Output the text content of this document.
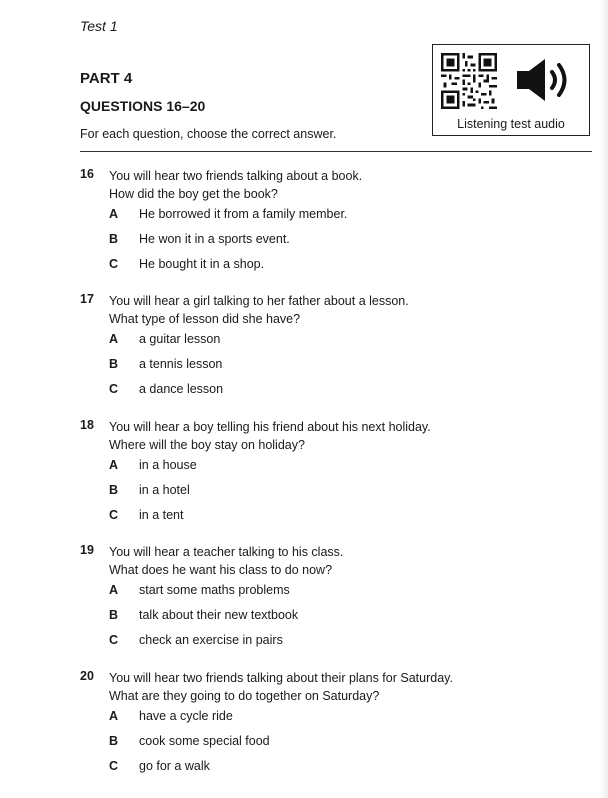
Test 1
PART 4
QUESTIONS 16–20
For each question, choose the correct answer.
Listening test audio
16 You will hear two friends talking about a book.
How did the boy get the book?
A	He borrowed it from a family member.
B	He won it in a sports event.
C	He bought it in a shop.
17 You will hear a girl talking to her father about a lesson.
What type of lesson did she have?
A	a guitar lesson
B	a tennis lesson
C	a dance lesson
18 You will hear a boy telling his friend about his next holiday.
Where will the boy stay on holiday?
A	in a house
B	in a hotel
C	in a tent
19 You will hear a teacher talking to his class.
What does he want his class to do now?
A	start some maths problems
B	talk about their new textbook
C	check an exercise in pairs
20 You will hear two friends talking about their plans for Saturday.
What are they going to do together on Saturday?
A	have a cycle ride
B	cook some special food
C	go for a walk
